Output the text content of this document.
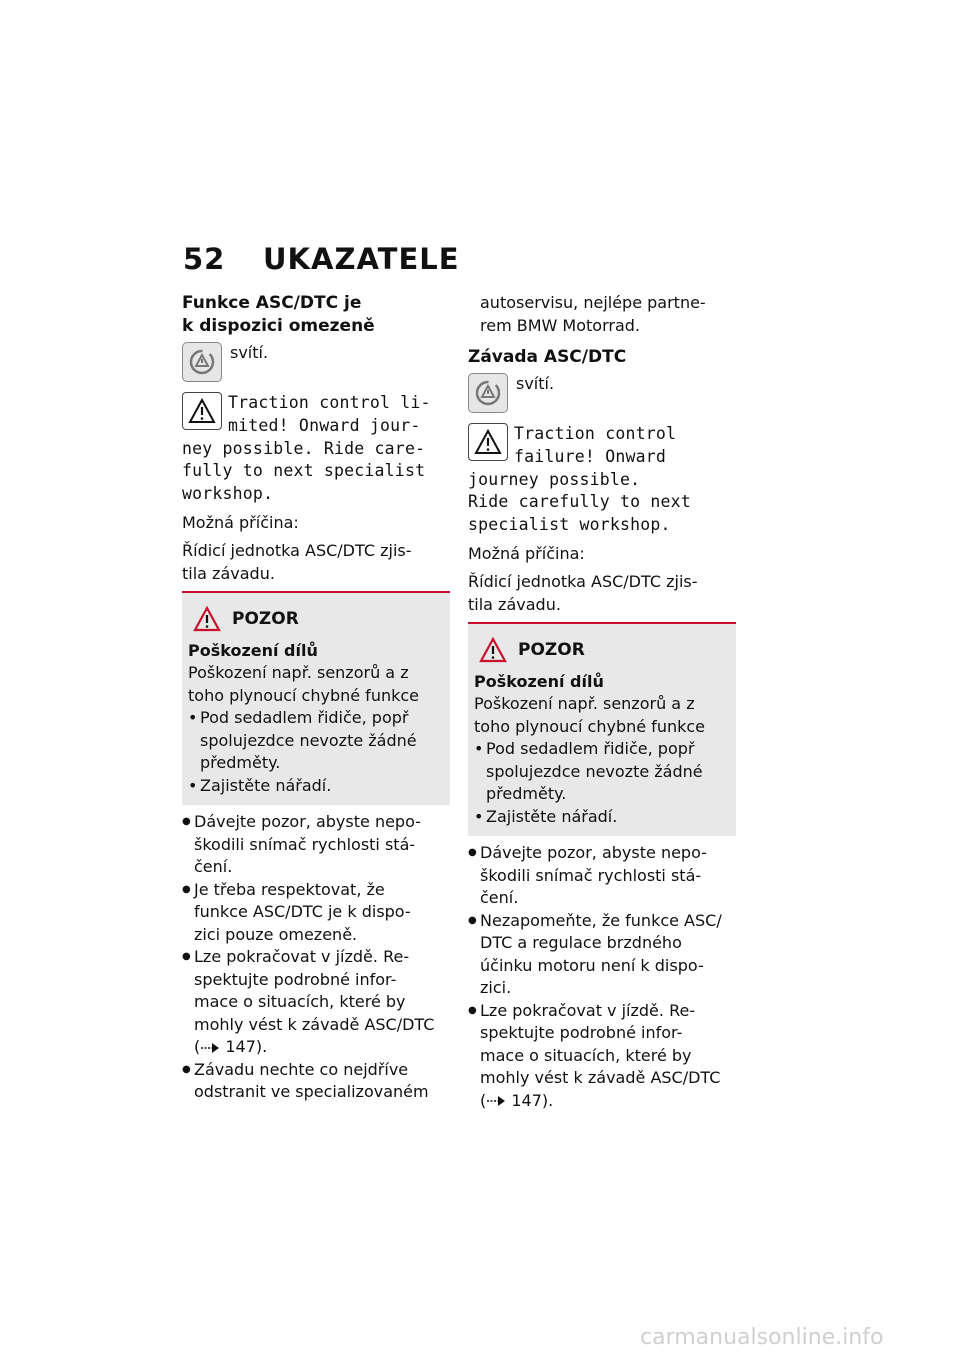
52 UKAZATELE

Funkce ASC/DTC je

k dispozici omezeně

svítí.

Traction control li-

mited! Onward jour-

ney possible. Ride care-

fully to next specialist

workshop.

Možná příčina:

Řídicí jednotka ASC/DTC zjis-

tila závadu.

POZOR

Poškození dílů

Poškození např. senzorů a z

toho plynoucí chybné funkce

• Pod sedadlem řidiče, popř
spolujezdce nevozte žádné
předměty.
• Zajistěte nářadí.
● Dávejte pozor, abyste nepo-
škodili snímač rychlosti stá-
čení.
● Je třeba respektovat, že
funkce ASC/DTC je k dispo-
zici pouze omezeně.
● Lze pokračovat v jízdě. Re-
spektujte podrobné infor-
mace o situacích, které by
mohly vést k závadě ASC/DTC
( 147).
● Závadu nechte co nejdříve
odstranit ve specializovaném

autoservisu, nejlépe partne-

rem BMW Motorrad.

Závada ASC/DTC

svítí.

Traction control

failure! Onward

journey possible.

Ride carefully to next

specialist workshop.

Možná příčina:

Řídicí jednotka ASC/DTC zjis-

tila závadu.

POZOR

Poškození dílů

Poškození např. senzorů a z

toho plynoucí chybné funkce

• Pod sedadlem řidiče, popř
spolujezdce nevozte žádné
předměty.
• Zajistěte nářadí.
● Dávejte pozor, abyste nepo-
škodili snímač rychlosti stá-
čení.
● Nezapomeňte, že funkce ASC/
DTC a regulace brzdného
účinku motoru není k dispo-
zici.
● Lze pokračovat v jízdě. Re-
spektujte podrobné infor-
mace o situacích, které by
mohly vést k závadě ASC/DTC
( 147).
carmanualsonline.info
